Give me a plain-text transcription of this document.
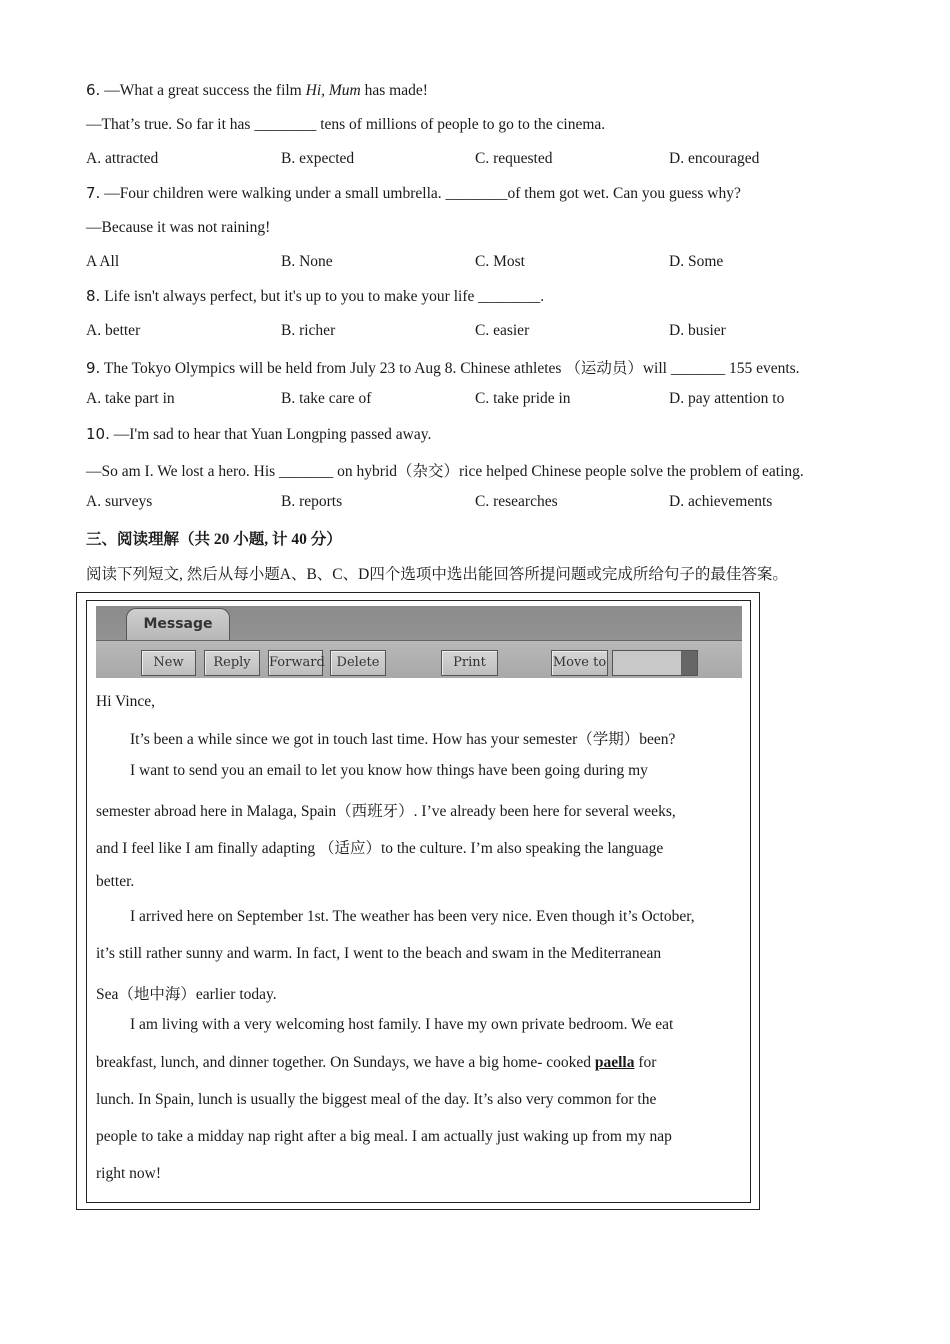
6. —What a great success the film Hi, Mum has made!
—That’s true. So far it has ________ tens of millions of people to go to the cinema.
A. attracted	B. expected	C. requested	D. encouraged
7. —Four children were walking under a small umbrella. ________of them got wet. Can you guess why?
—Because it was not raining!
A All	B. None	C. Most	D. Some
8. Life isn't always perfect, but it's up to you to make your life ________.
A. better	B. richer	C. easier	D. busier
9. The Tokyo Olympics will be held from July 23 to Aug 8. Chinese athletes （运动员）will _______ 155 events.
A. take part in	B. take care of	C. take pride in	D. pay attention to
10. —I'm sad to hear that Yuan Longping passed away.
—So am I. We lost a hero. His _______ on hybrid（杂交）rice helped Chinese people solve the problem of eating.
A. surveys	B. reports	C. researches	D. achievements
三、阅读理解（共 20 小题, 计 40 分）
阅读下列短文, 然后从每小题A、B、C、D四个选项中选出能回答所提问题或完成所给句子的最佳答案。
Message
New	Reply	Forward Delete	Print	Move to
Hi Vince,
It’s been a while since we got in touch last time. How has your semester（学期）been?
I want to send you an email to let you know how things have been going during my
semester abroad here in Malaga, Spain（西班牙）. I’ve already been here for several weeks,
and I feel like I am finally adapting （适应）to the culture. I’m also speaking the language
better.
I arrived here on September 1st. The weather has been very nice. Even though it’s October,
it’s still rather sunny and warm. In fact, I went to the beach and swam in the Mediterranean
Sea（地中海）earlier today.
I am living with a very welcoming host family. I have my own private bedroom. We eat
breakfast, lunch, and dinner together. On Sundays, we have a big home- cooked paella for
lunch. In Spain, lunch is usually the biggest meal of the day. It’s also very common for the
people to take a midday nap right after a big meal. I am actually just waking up from my nap
right now!
